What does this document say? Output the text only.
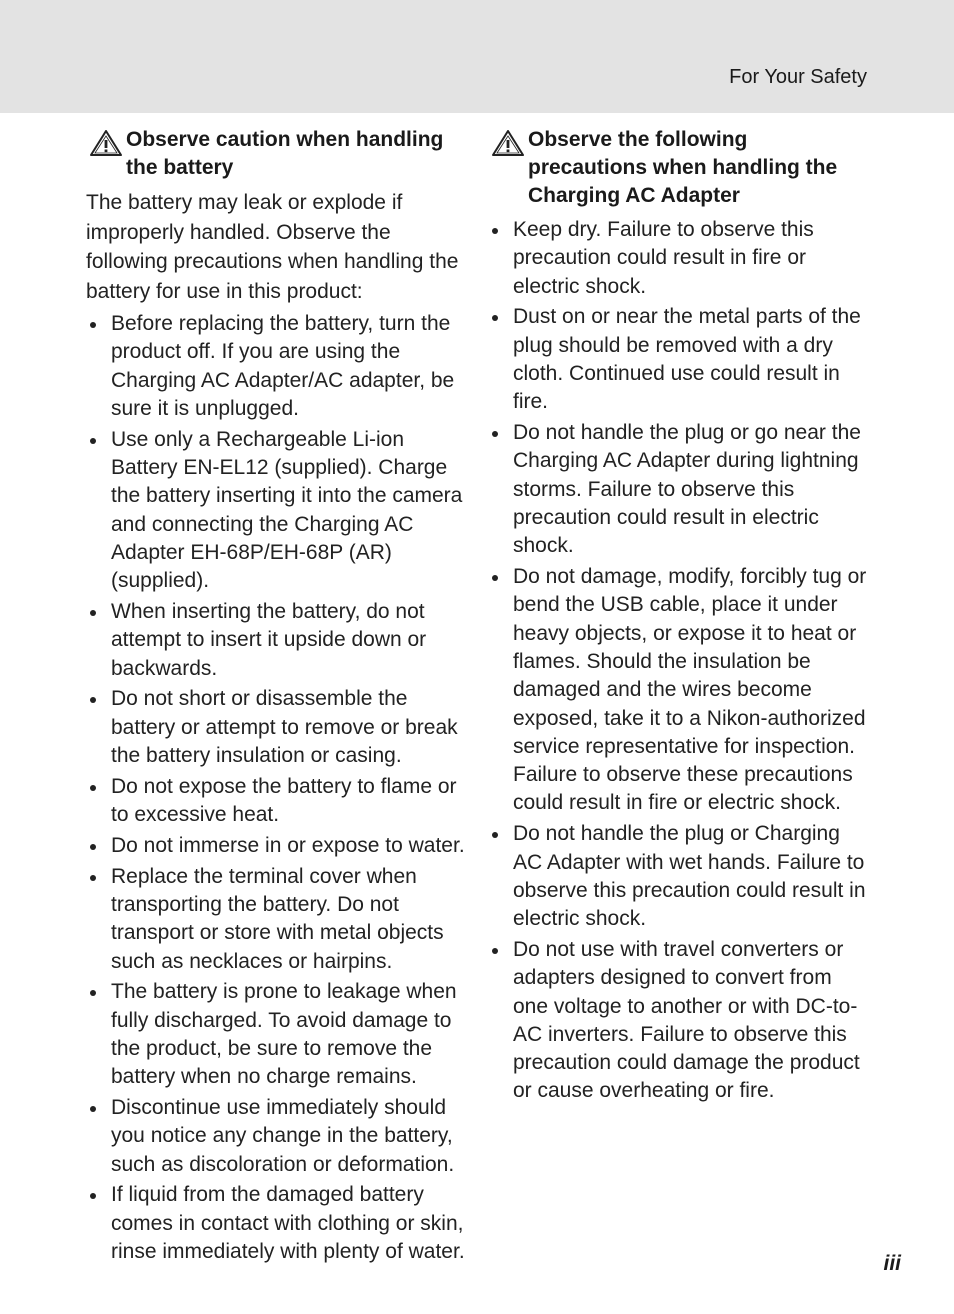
For Your Safety
Observe caution when handling the battery

The battery may leak or explode if improperly handled. Observe the following precautions when handling the battery for use in this product:

Before replacing the battery, turn the product off. If you are using the Charging AC Adapter/AC adapter, be sure it is unplugged.
Use only a Rechargeable Li-ion Battery EN-EL12 (supplied). Charge the battery inserting it into the camera and connecting the Charging AC Adapter EH-68P/EH-68P (AR) (supplied).
When inserting the battery, do not attempt to insert it upside down or backwards.
Do not short or disassemble the battery or attempt to remove or break the battery insulation or casing.
Do not expose the battery to flame or to excessive heat.
Do not immerse in or expose to water.
Replace the terminal cover when transporting the battery. Do not transport or store with metal objects such as necklaces or hairpins.
The battery is prone to leakage when fully discharged. To avoid damage to the product, be sure to remove the battery when no charge remains.
Discontinue use immediately should you notice any change in the battery, such as discoloration or deformation.
If liquid from the damaged battery comes in contact with clothing or skin, rinse immediately with plenty of water.
Observe the following precautions when handling the Charging AC Adapter
Keep dry. Failure to observe this precaution could result in fire or electric shock.
Dust on or near the metal parts of the plug should be removed with a dry cloth. Continued use could result in fire.
Do not handle the plug or go near the Charging AC Adapter during lightning storms. Failure to observe this precaution could result in electric shock.
Do not damage, modify, forcibly tug or bend the USB cable, place it under heavy objects, or expose it to heat or flames. Should the insulation be damaged and the wires become exposed, take it to a Nikon-authorized service representative for inspection. Failure to observe these precautions could result in fire or electric shock.
Do not handle the plug or Charging AC Adapter with wet hands. Failure to observe this precaution could result in electric shock.
Do not use with travel converters or adapters designed to convert from one voltage to another or with DC-to-AC inverters. Failure to observe this precaution could damage the product or cause overheating or fire.
iii
